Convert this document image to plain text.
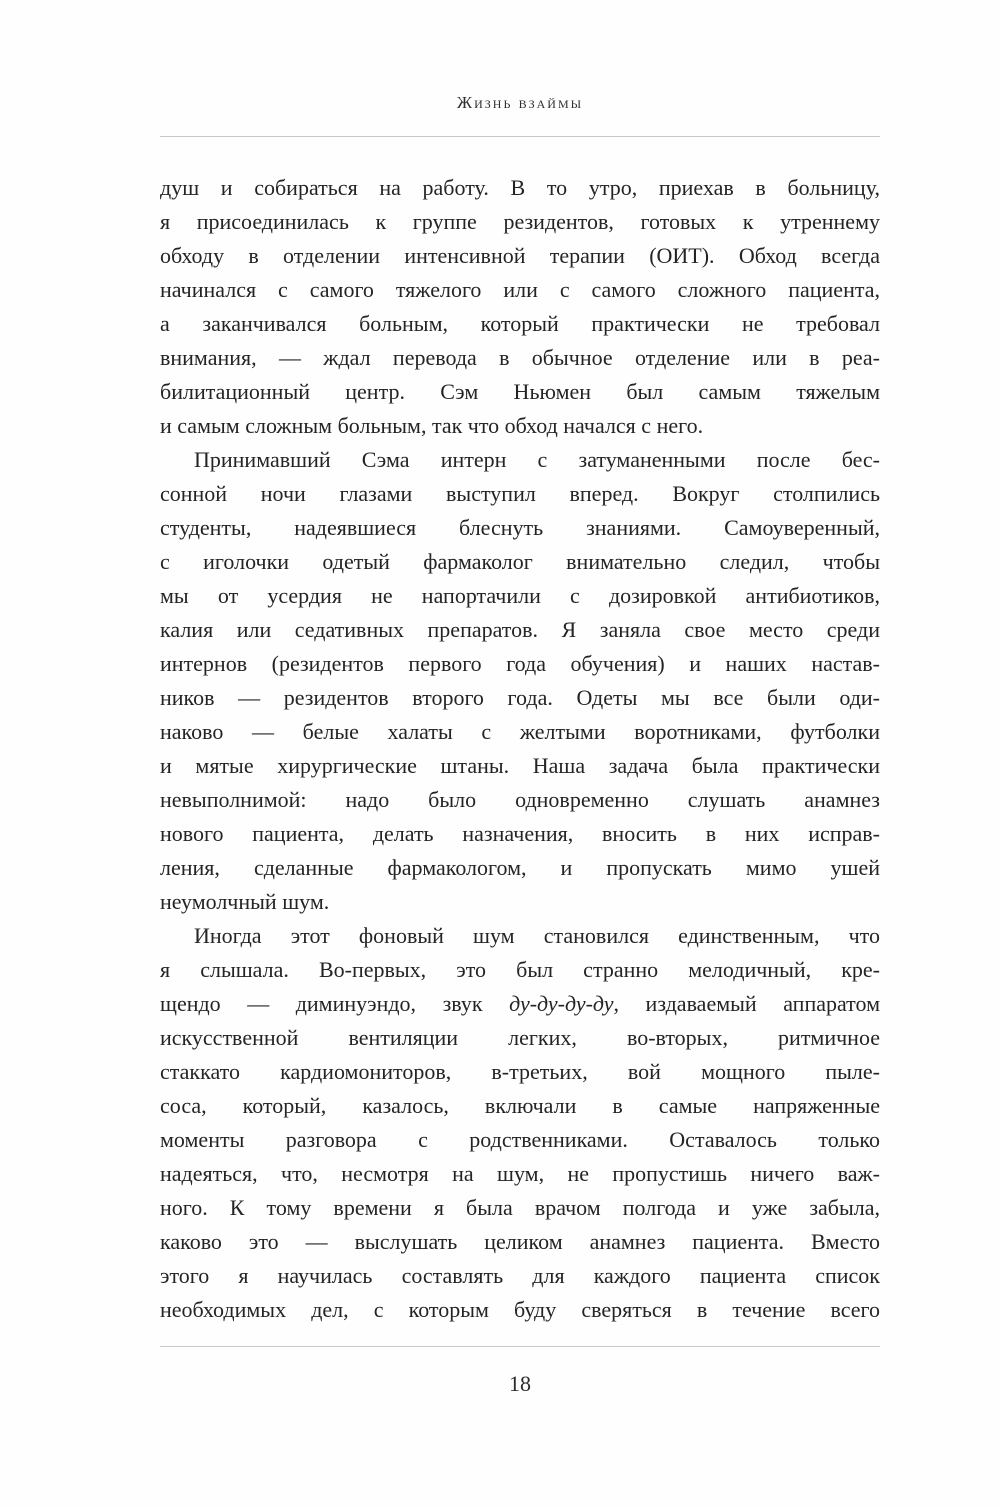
Жизнь взаймы
душ и собираться на работу. В то утро, приехав в больницу,
я присоединилась к группе резидентов, готовых к утреннему
обходу в отделении интенсивной терапии (ОИТ). Обход всегда
начинался с самого тяжелого или с самого сложного пациента,
а заканчивался больным, который практически не требовал
внимания, — ждал перевода в обычное отделение или в реа-
билитационный центр. Сэм Ньюмен был самым тяжелым
и самым сложным больным, так что обход начался с него.
Принимавший Сэма интерн с затуманенными после бес-
сонной ночи глазами выступил вперед. Вокруг столпились
студенты, надеявшиеся блеснуть знаниями. Самоуверенный,
с иголочки одетый фармаколог внимательно следил, чтобы
мы от усердия не напортачили с дозировкой антибиотиков,
калия или седативных препаратов. Я заняла свое место среди
интернов (резидентов первого года обучения) и наших настав-
ников — резидентов второго года. Одеты мы все были оди-
наково — белые халаты с желтыми воротниками, футболки
и мятые хирургические штаны. Наша задача была практически
невыполнимой: надо было одновременно слушать анамнез
нового пациента, делать назначения, вносить в них исправ-
ления, сделанные фармакологом, и пропускать мимо ушей
неумолчный шум.
Иногда этот фоновый шум становился единственным, что
я слышала. Во-первых, это был странно мелодичный, кре-
щендо — диминуэндо, звук ду-ду-ду-ду, издаваемый аппаратом
искусственной вентиляции легких, во-вторых, ритмичное
стаккато кардиомониторов, в-третьих, вой мощного пыле-
соса, который, казалось, включали в самые напряженные
моменты разговора с родственниками. Оставалось только
надеяться, что, несмотря на шум, не пропустишь ничего важ-
ного. К тому времени я была врачом полгода и уже забыла,
каково это — выслушать целиком анамнез пациента. Вместо
этого я научилась составлять для каждого пациента список
необходимых дел, с которым буду сверяться в течение всего
18
